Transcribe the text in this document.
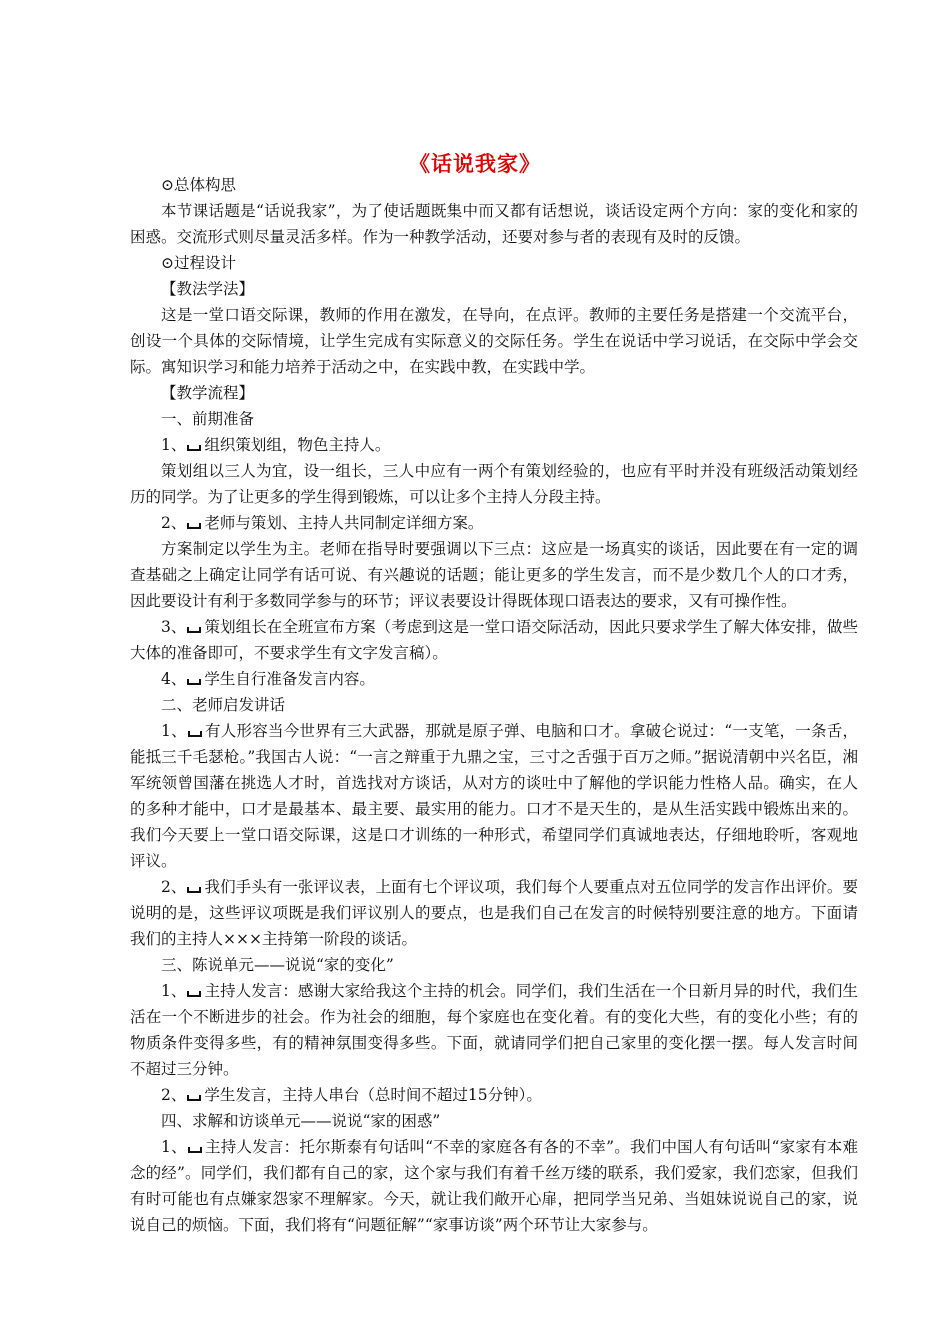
《话说我家》

⊙总体构思

本节课话题是“话说我家”，为了使话题既集中而又都有话想说，谈话设定两个方向：家的变化和家的困惑。交流形式则尽量灵活多样。作为一种教学活动，还要对参与者的表现有及时的反馈。

⊙过程设计

【教法学法】

这是一堂口语交际课，教师的作用在激发，在导向，在点评。教师的主要任务是搭建一个交流平台，创设一个具体的交际情境，让学生完成有实际意义的交际任务。学生在说话中学习说话，在交际中学会交际。寓知识学习和能力培养于活动之中，在实践中教，在实践中学。

【教学流程】

一、前期准备

1、 组织策划组，物色主持人。

策划组以三人为宜，设一组长，三人中应有一两个有策划经验的，也应有平时并没有班级活动策划经历的同学。为了让更多的学生得到锻炼，可以让多个主持人分段主持。

2、 老师与策划、主持人共同制定详细方案。

方案制定以学生为主。老师在指导时要强调以下三点：这应是一场真实的谈话，因此要在有一定的调查基础之上确定让同学有话可说、有兴趣说的话题；能让更多的学生发言，而不是少数几个人的口才秀，因此要设计有利于多数同学参与的环节；评议表要设计得既体现口语表达的要求，又有可操作性。

3、 策划组长在全班宣布方案（考虑到这是一堂口语交际活动，因此只要求学生了解大体安排，做些大体的准备即可，不要求学生有文字发言稿）。

4、 学生自行准备发言内容。

二、老师启发讲话

1、 有人形容当今世界有三大武器，那就是原子弹、电脑和口才。拿破仑说过：“一支笔，一条舌，能抵三千毛瑟枪。”我国古人说：“一言之辩重于九鼎之宝，三寸之舌强于百万之师。”据说清朝中兴名臣，湘军统领曾国藩在挑选人才时，首选找对方谈话，从对方的谈吐中了解他的学识能力性格人品。确实，在人的多种才能中，口才是最基本、最主要、最实用的能力。口才不是天生的，是从生活实践中锻炼出来的。我们今天要上一堂口语交际课，这是口才训练的一种形式，希望同学们真诚地表达，仔细地聆听，客观地评议。

2、 我们手头有一张评议表，上面有七个评议项，我们每个人要重点对五位同学的发言作出评价。要说明的是，这些评议项既是我们评议别人的要点，也是我们自己在发言的时候特别要注意的地方。下面请我们的主持人×××主持第一阶段的谈话。

三、陈说单元——说说“家的变化”

1、 主持人发言：感谢大家给我这个主持的机会。同学们，我们生活在一个日新月异的时代，我们生活在一个不断进步的社会。作为社会的细胞，每个家庭也在变化着。有的变化大些，有的变化小些；有的物质条件变得多些，有的精神氛围变得多些。下面，就请同学们把自己家里的变化摆一摆。每人发言时间不超过三分钟。

2、 学生发言，主持人串台（总时间不超过15分钟）。

四、求解和访谈单元——说说“家的困惑”

1、 主持人发言：托尔斯泰有句话叫“不幸的家庭各有各的不幸”。我们中国人有句话叫“家家有本难念的经”。同学们，我们都有自己的家，这个家与我们有着千丝万缕的联系，我们爱家，我们恋家，但我们有时可能也有点嫌家怨家不理解家。今天，就让我们敞开心扉，把同学当兄弟、当姐妹说说自己的家，说说自己的烦恼。下面，我们将有“问题征解”“家事访谈”两个环节让大家参与。
